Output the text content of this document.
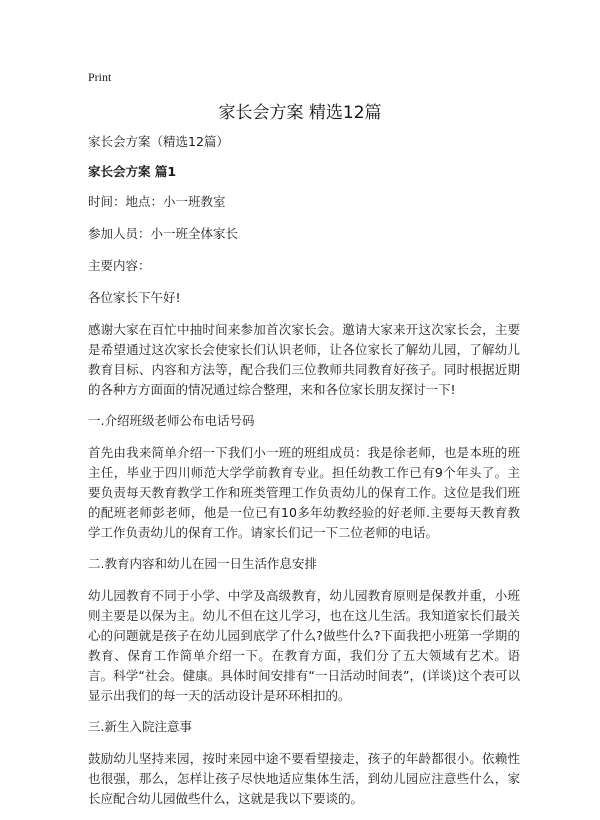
Print
家长会方案 精选12篇

家长会方案（精选12篇）

家长会方案 篇1

时间：地点：小一班教室

参加人员：小一班全体家长

主要内容：

各位家长下午好!

感谢大家在百忙中抽时间来参加首次家长会。邀请大家来开这次家长会，主要是希望通过这次家长会使家长们认识老师，让各位家长了解幼儿园，了解幼儿教育目标、内容和方法等，配合我们三位教师共同教育好孩子。同时根据近期的各种方方面面的情况通过综合整理，来和各位家长朋友探讨一下!

一.介绍班级老师公布电话号码

首先由我来简单介绍一下我们小一班的班组成员：我是徐老师，也是本班的班主任，毕业于四川师范大学学前教育专业。担任幼教工作已有9个年头了。主要负责每天教育教学工作和班类管理工作负责幼儿的保育工作。这位是我们班的配班老师彭老师，他是一位已有10多年幼教经验的好老师.主要每天教育教学工作负责幼儿的保育工作。请家长们记一下二位老师的电话。

二.教育内容和幼儿在园一日生活作息安排

幼儿园教育不同于小学、中学及高级教育，幼儿园教育原则是保教并重，小班则主要是以保为主。幼儿不但在这儿学习，也在这儿生活。我知道家长们最关心的问题就是孩子在幼儿园到底学了什么?做些什么?下面我把小班第一学期的教育、保育工作简单介绍一下。在教育方面，我们分了五大领域有艺术。语言。科学“社会。健康。具体时间安排有“一日活动时间表”，(详谈)这个表可以显示出我们的每一天的活动设计是环环相扣的。

三.新生入院注意事

鼓励幼儿坚持来园，按时来园中途不要看望接走，孩子的年龄都很小。依赖性也很强，那么，怎样让孩子尽快地适应集体生活，到幼儿园应注意些什么，家长应配合幼儿园做些什么，这就是我以下要谈的。
